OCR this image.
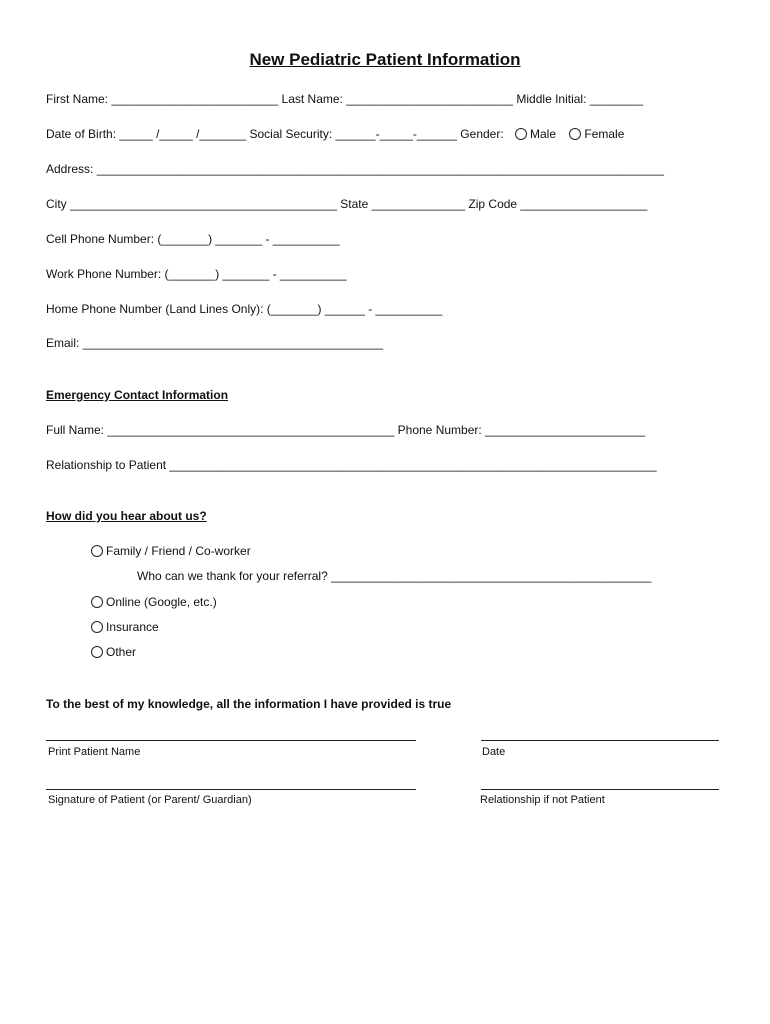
New Pediatric Patient Information
First Name: _________________________ Last Name: _________________________ Middle Initial: ________
Date of Birth: _____ /_____ /_______ Social Security: ______-_____-______ Gender: Male Female
Address: _____________________________________________________________________________________
City ________________________________________ State ______________ Zip Code ___________________
Cell Phone Number: (_______) _______ - __________
Work Phone Number: (_______) _______ - __________
Home Phone Number (Land Lines Only): (_______) ______ - __________
Email: _____________________________________________
Emergency Contact Information
Full Name: ___________________________________________ Phone Number: ________________________
Relationship to Patient _________________________________________________________________________
How did you hear about us?
Family / Friend / Co-worker
Who can we thank for your referral? ________________________________________________
Online (Google, etc.)
Insurance
Other
To the best of my knowledge, all the information I have provided is true
Print Patient Name	Date
Signature of Patient (or Parent/ Guardian)	Relationship if not Patient
